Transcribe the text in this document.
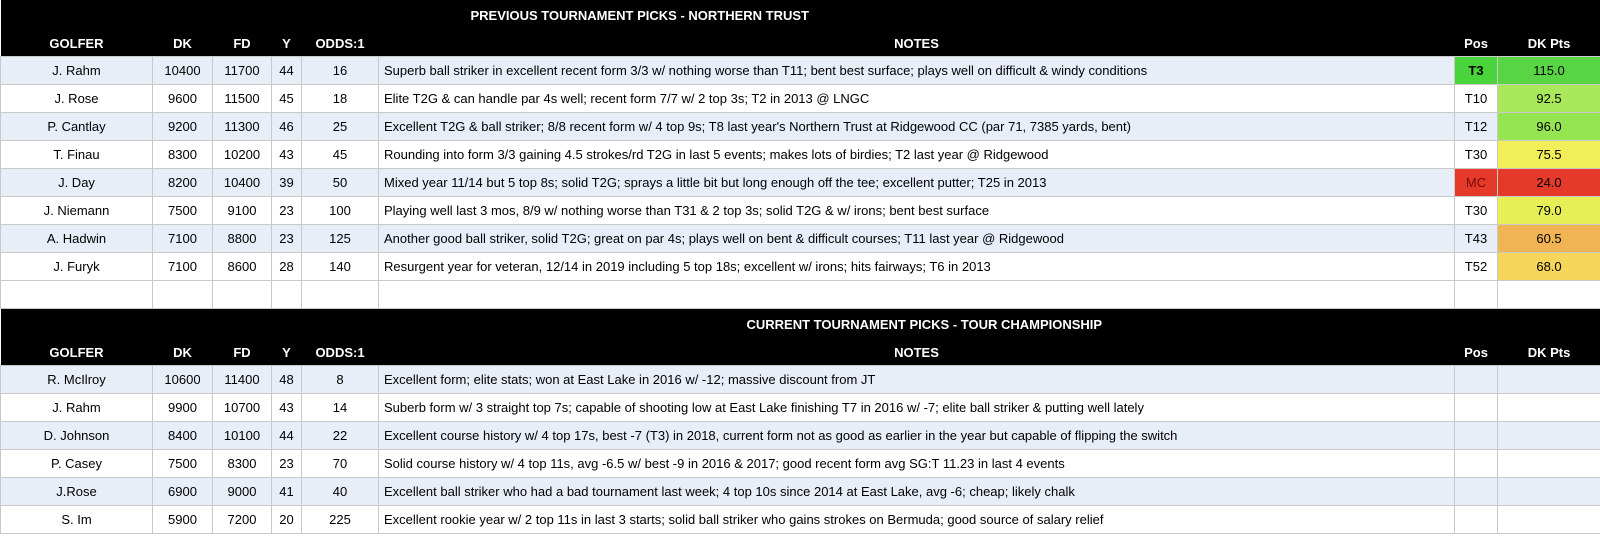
PREVIOUS TOURNAMENT PICKS - NORTHERN TRUST							
GOLFER	DK	FD	Y	ODDS:1	NOTES	Pos	DK Pts
J. Rahm	10400	11700	44	16	Superb ball striker in excellent recent form 3/3 w/ nothing worse than T11; bent best surface; plays well on difficult & windy conditions	T3	115.0
J. Rose	9600	11500	45	18	Elite T2G & can handle par 4s well; recent form 7/7 w/ 2 top 3s; T2 in 2013 @ LNGC	T10	92.5
P. Cantlay	9200	11300	46	25	Excellent T2G & ball striker; 8/8 recent form w/ 4 top 9s; T8 last year's Northern Trust at Ridgewood CC (par 71, 7385 yards, bent)	T12	96.0
T. Finau	8300	10200	43	45	Rounding into form 3/3 gaining 4.5 strokes/rd T2G in last 5 events; makes lots of birdies; T2 last year @ Ridgewood	T30	75.5
J. Day	8200	10400	39	50	Mixed year 11/14 but 5 top 8s; solid T2G; sprays a little bit but long enough off the tee; excellent putter; T25 in 2013	MC	24.0
J. Niemann	7500	9100	23	100	Playing well last 3 mos, 8/9 w/ nothing worse than T31 & 2 top 3s; solid T2G & w/ irons; bent best surface	T30	79.0
A. Hadwin	7100	8800	23	125	Another good ball striker, solid T2G; great on par 4s; plays well on bent & difficult courses; T11 last year @ Ridgewood	T43	60.5
J. Furyk	7100	8600	28	140	Resurgent year for veteran, 12/14 in 2019 including 5 top 18s; excellent w/ irons; hits fairways; T6 in 2013	T52	68.0

CURRENT TOURNAMENT PICKS - TOUR CHAMPIONSHIP							
GOLFER	DK	FD	Y	ODDS:1	NOTES	Pos	DK Pts
R. McIlroy	10600	11400	48	8	Excellent form; elite stats; won at East Lake in 2016 w/ -12; massive discount from JT		
J. Rahm	9900	10700	43	14	Suberb form w/ 3 straight top 7s; capable of shooting low at East Lake finishing T7 in 2016 w/ -7; elite ball striker & putting well lately		
D. Johnson	8400	10100	44	22	Excellent course history w/ 4 top 17s, best -7 (T3) in 2018, current form not as good as earlier in the year but capable of flipping the switch		
P. Casey	7500	8300	23	70	Solid course history w/ 4 top 11s, avg -6.5 w/ best -9 in 2016 & 2017; good recent form avg SG:T 11.23 in last 4 events		
J.Rose	6900	9000	41	40	Excellent ball striker who had a bad tournament last week; 4 top 10s since 2014 at East Lake, avg -6; cheap; likely chalk		
S. Im	5900	7200	20	225	Excellent rookie year w/ 2 top 11s in last 3 starts; solid ball striker who gains strokes on Bermuda; good source of salary relief		
